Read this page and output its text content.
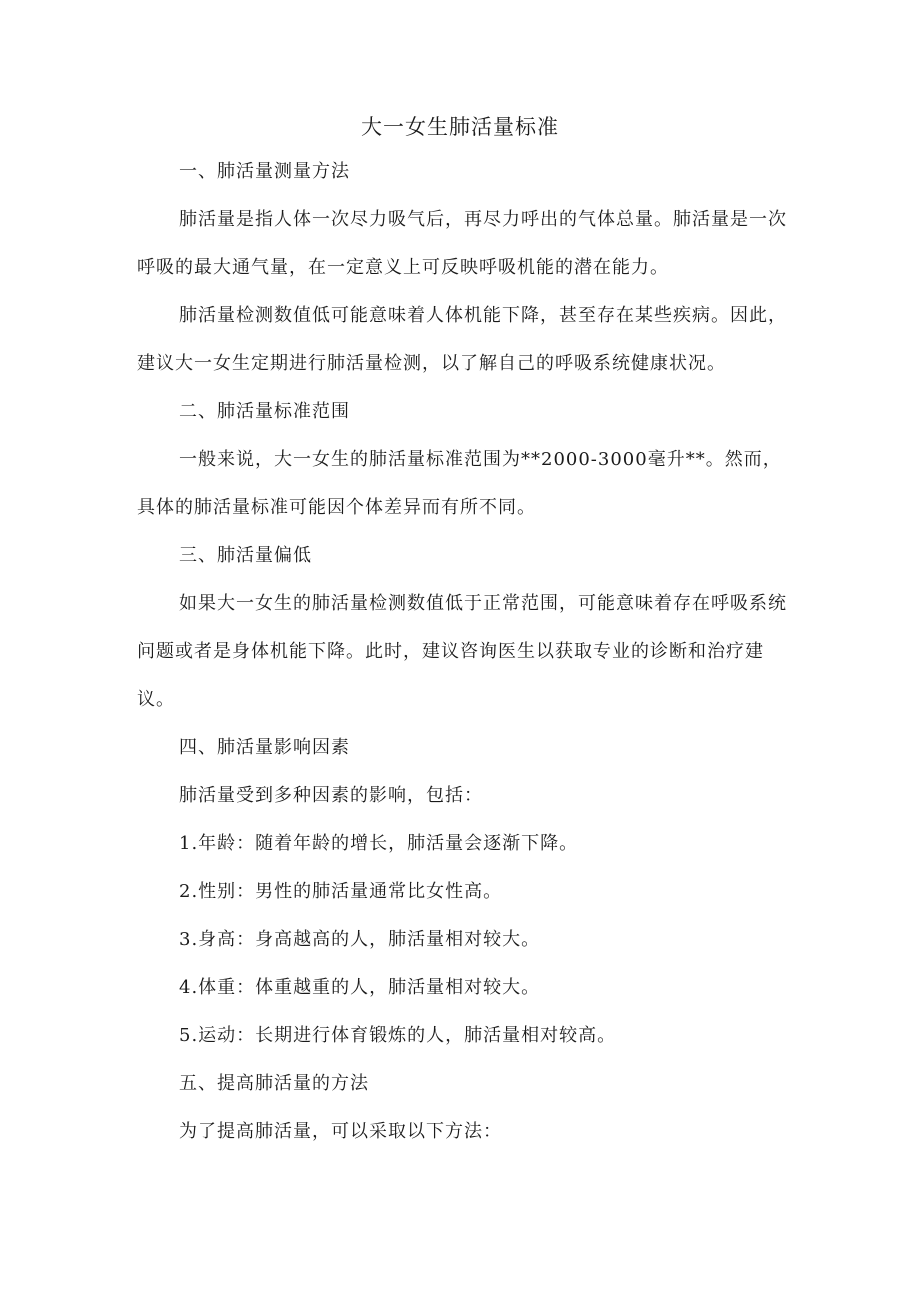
大一女生肺活量标准

一、肺活量测量方法

肺活量是指人体一次尽力吸气后，再尽力呼出的气体总量。肺活量是一次呼吸的最大通气量，在一定意义上可反映呼吸机能的潜在能力。

肺活量检测数值低可能意味着人体机能下降，甚至存在某些疾病。因此，建议大一女生定期进行肺活量检测，以了解自己的呼吸系统健康状况。

二、肺活量标准范围

一般来说，大一女生的肺活量标准范围为**2000-3000毫升**。然而，具体的肺活量标准可能因个体差异而有所不同。

三、肺活量偏低

如果大一女生的肺活量检测数值低于正常范围，可能意味着存在呼吸系统问题或者是身体机能下降。此时，建议咨询医生以获取专业的诊断和治疗建议。

四、肺活量影响因素

肺活量受到多种因素的影响，包括：

1.年龄：随着年龄的增长，肺活量会逐渐下降。

2.性别：男性的肺活量通常比女性高。

3.身高：身高越高的人，肺活量相对较大。

4.体重：体重越重的人，肺活量相对较大。

5.运动：长期进行体育锻炼的人，肺活量相对较高。

五、提高肺活量的方法

为了提高肺活量，可以采取以下方法：
